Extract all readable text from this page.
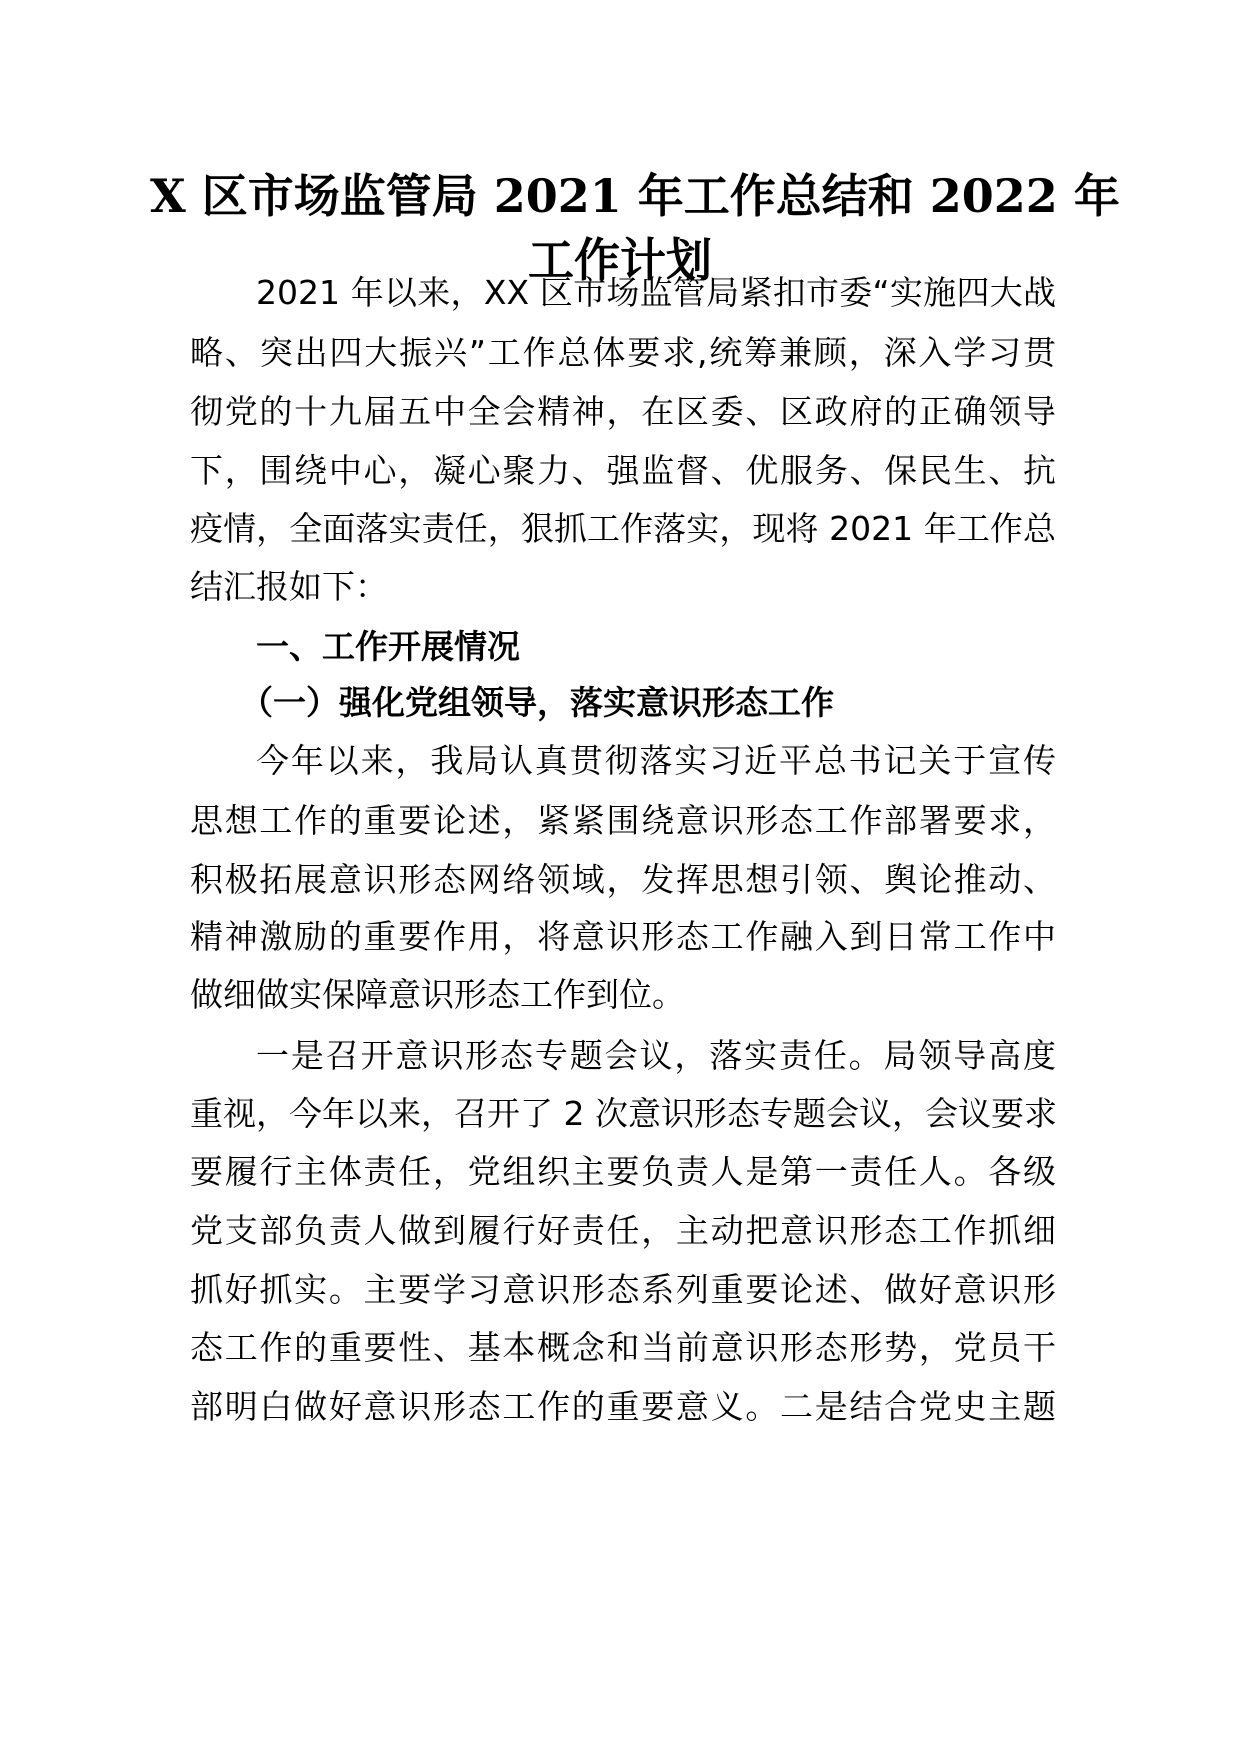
X 区市场监管局 2021 年工作总结和 2022 年
工作计划

2021 年以来，XX 区市场监管局紧扣市委“实施四大战

略、突出四大振兴”工作总体要求,统筹兼顾，深入学习贯

彻党的十九届五中全会精神，在区委、区政府的正确领导

下，围绕中心，凝心聚力、强监督、优服务、保民生、抗

疫情，全面落实责任，狠抓工作落实，现将 2021 年工作总

结汇报如下：

一、工作开展情况

（一）强化党组领导，落实意识形态工作

今年以来，我局认真贯彻落实习近平总书记关于宣传

思想工作的重要论述，紧紧围绕意识形态工作部署要求，

积极拓展意识形态网络领域，发挥思想引领、舆论推动、

精神激励的重要作用，将意识形态工作融入到日常工作中

做细做实保障意识形态工作到位。

一是召开意识形态专题会议，落实责任。局领导高度

重视，今年以来，召开了 2 次意识形态专题会议，会议要求

要履行主体责任，党组织主要负责人是第一责任人。各级

党支部负责人做到履行好责任，主动把意识形态工作抓细

抓好抓实。主要学习意识形态系列重要论述、做好意识形

态工作的重要性、基本概念和当前意识形态形势，党员干

部明白做好意识形态工作的重要意义。二是结合党史主题
